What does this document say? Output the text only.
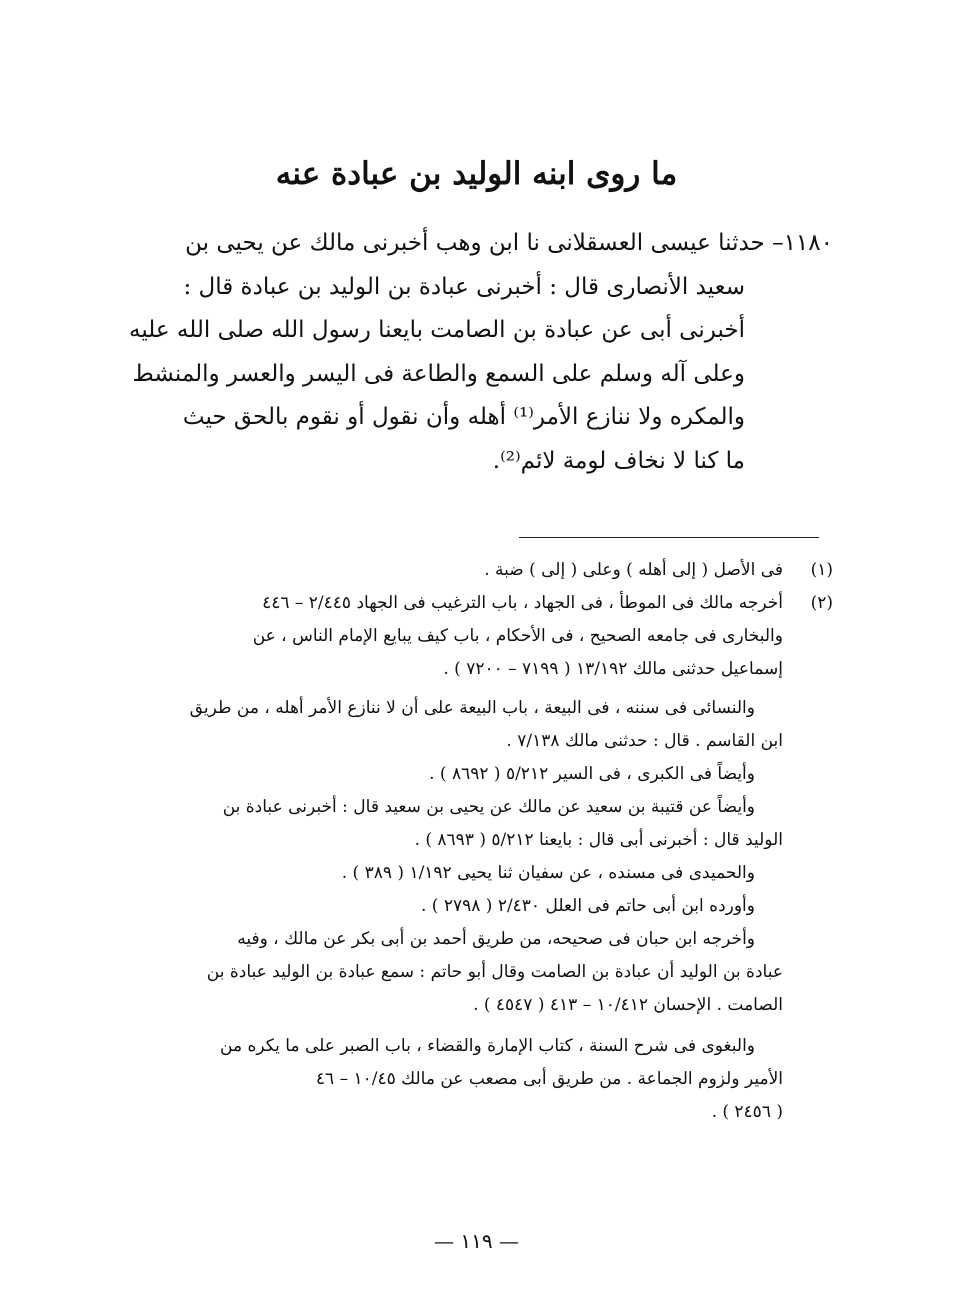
ما روى ابنه الوليد بن عبادة عنه
١١٨٠– حدثنا عيسى العسقلانى نا ابن وهب أخبرنى مالك عن يحيى بن
سعيد الأنصارى قال : أخبرنى عبادة بن الوليد بن عبادة قال :
أخبرنى أبى عن عبادة بن الصامت بايعنا رسول الله صلى الله عليه
وعلى آله وسلم على السمع والطاعة فى اليسر والعسر والمنشط
والمكره ولا ننازع الأمر⁽¹⁾ أهله وأن نقول أو نقوم بالحق حيث
ما كنا لا نخاف لومة لائم⁽²⁾.
(١)
فى الأصل ( إلى أهله ) وعلى ( إلى ) ضبة .
(٢)
أخرجه مالك فى الموطأ ، فى الجهاد ، باب الترغيب فى الجهاد ٢/٤٤٥ – ٤٤٦
والبخارى فى جامعه الصحيح ، فى الأحكام ، باب كيف يبايع الإمام الناس ، عن
إسماعيل حدثنى مالك ١٣/١٩٢ ( ٧١٩٩ – ٧٢٠٠ ) .
والنسائى فى سننه ، فى البيعة ، باب البيعة على أن لا ننازع الأمر أهله ، من طريق
ابن القاسم . قال : حدثنى مالك ٧/١٣٨ .
وأيضاً فى الكبرى ، فى السير ٥/٢١٢ ( ٨٦٩٢ ) .
وأيضاً عن قتيبة بن سعيد عن مالك عن يحيى بن سعيد قال : أخبرنى عبادة بن
الوليد قال : أخبرنى أبى قال : بايعنا ٥/٢١٢ ( ٨٦٩٣ ) .
والحميدى فى مسنده ، عن سفيان ثنا يحيى ١/١٩٢ ( ٣٨٩ ) .
وأورده ابن أبى حاتم فى العلل ٢/٤٣٠ ( ٢٧٩٨ ) .
وأخرجه ابن حبان فى صحيحه، من طريق أحمد بن أبى بكر عن مالك ، وفيه
عبادة بن الوليد أن عبادة بن الصامت وقال أبو حاتم : سمع عبادة بن الوليد عبادة بن
الصامت . الإحسان ١٠/٤١٢ – ٤١٣ ( ٤٥٤٧ ) .
والبغوى فى شرح السنة ، كتاب الإمارة والقضاء ، باب الصبر على ما يكره من
الأمير ولزوم الجماعة . من طريق أبى مصعب عن مالك ١٠/٤٥ – ٤٦
( ٢٤٥٦ ) .
— ١١٩ —
